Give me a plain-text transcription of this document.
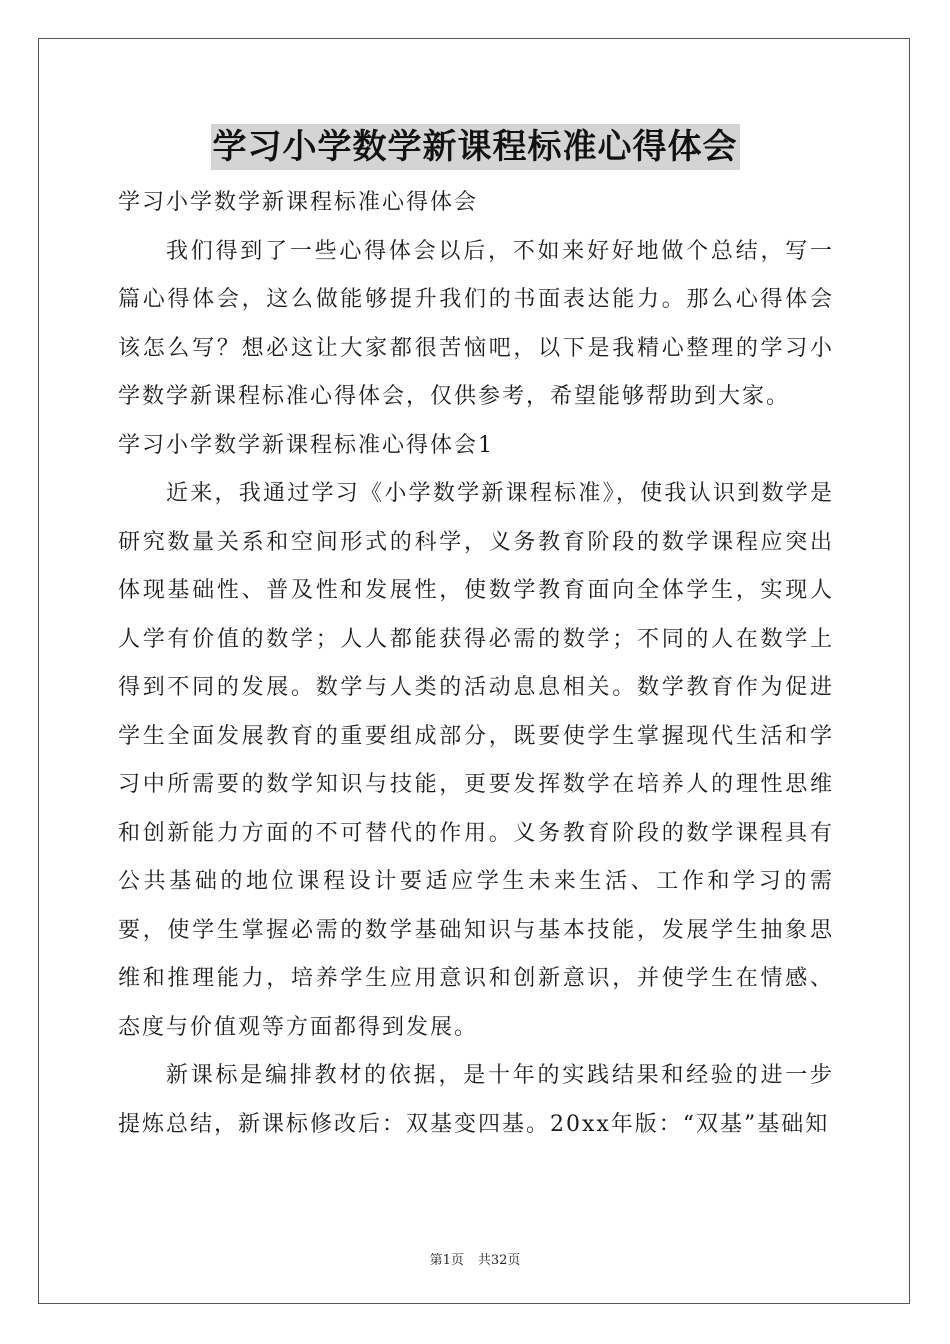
学习小学数学新课程标准心得体会

学习小学数学新课程标准心得体会

我们得到了一些心得体会以后，不如来好好地做个总结，写一篇心得体会，这么做能够提升我们的书面表达能力。那么心得体会该怎么写？想必这让大家都很苦恼吧，以下是我精心整理的学习小学数学新课程标准心得体会，仅供参考，希望能够帮助到大家。

学习小学数学新课程标准心得体会1

近来，我通过学习《小学数学新课程标准》，使我认识到数学是研究数量关系和空间形式的科学，义务教育阶段的数学课程应突出体现基础性、普及性和发展性，使数学教育面向全体学生，实现人人学有价值的数学；人人都能获得必需的数学；不同的人在数学上得到不同的发展。数学与人类的活动息息相关。数学教育作为促进学生全面发展教育的重要组成部分，既要使学生掌握现代生活和学习中所需要的数学知识与技能，更要发挥数学在培养人的理性思维和创新能力方面的不可替代的作用。义务教育阶段的数学课程具有公共基础的地位课程设计要适应学生未来生活、工作和学习的需要，使学生掌握必需的数学基础知识与基本技能，发展学生抽象思维和推理能力，培养学生应用意识和创新意识，并使学生在情感、态度与价值观等方面都得到发展。

新课标是编排教材的依据，是十年的实践结果和经验的进一步提炼总结，新课标修改后：双基变四基。20xx年版：“双基”基础知

第1页 共32页
